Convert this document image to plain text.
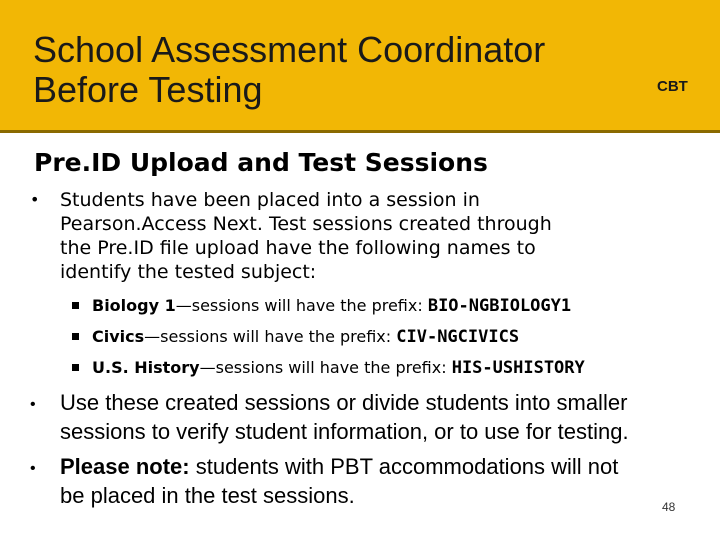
School Assessment Coordinator
Before Testing	CBT
Pre.ID Upload and Test Sessions
• Students have been placed into a session in
Pearson.Access Next. Test sessions created through
the Pre.ID file upload have the following names to
identify the tested subject:
Biology 1—sessions will have the prefix: BIO-NGBIOLOGY1
Civics—sessions will have the prefix: CIV-NGCIVICS
U.S. History—sessions will have the prefix: HIS-USHISTORY
• Use these created sessions or divide students into smaller
sessions to verify student information, or to use for testing.
• Please note: students with PBT accommodations will not
be placed in the test sessions.	48
